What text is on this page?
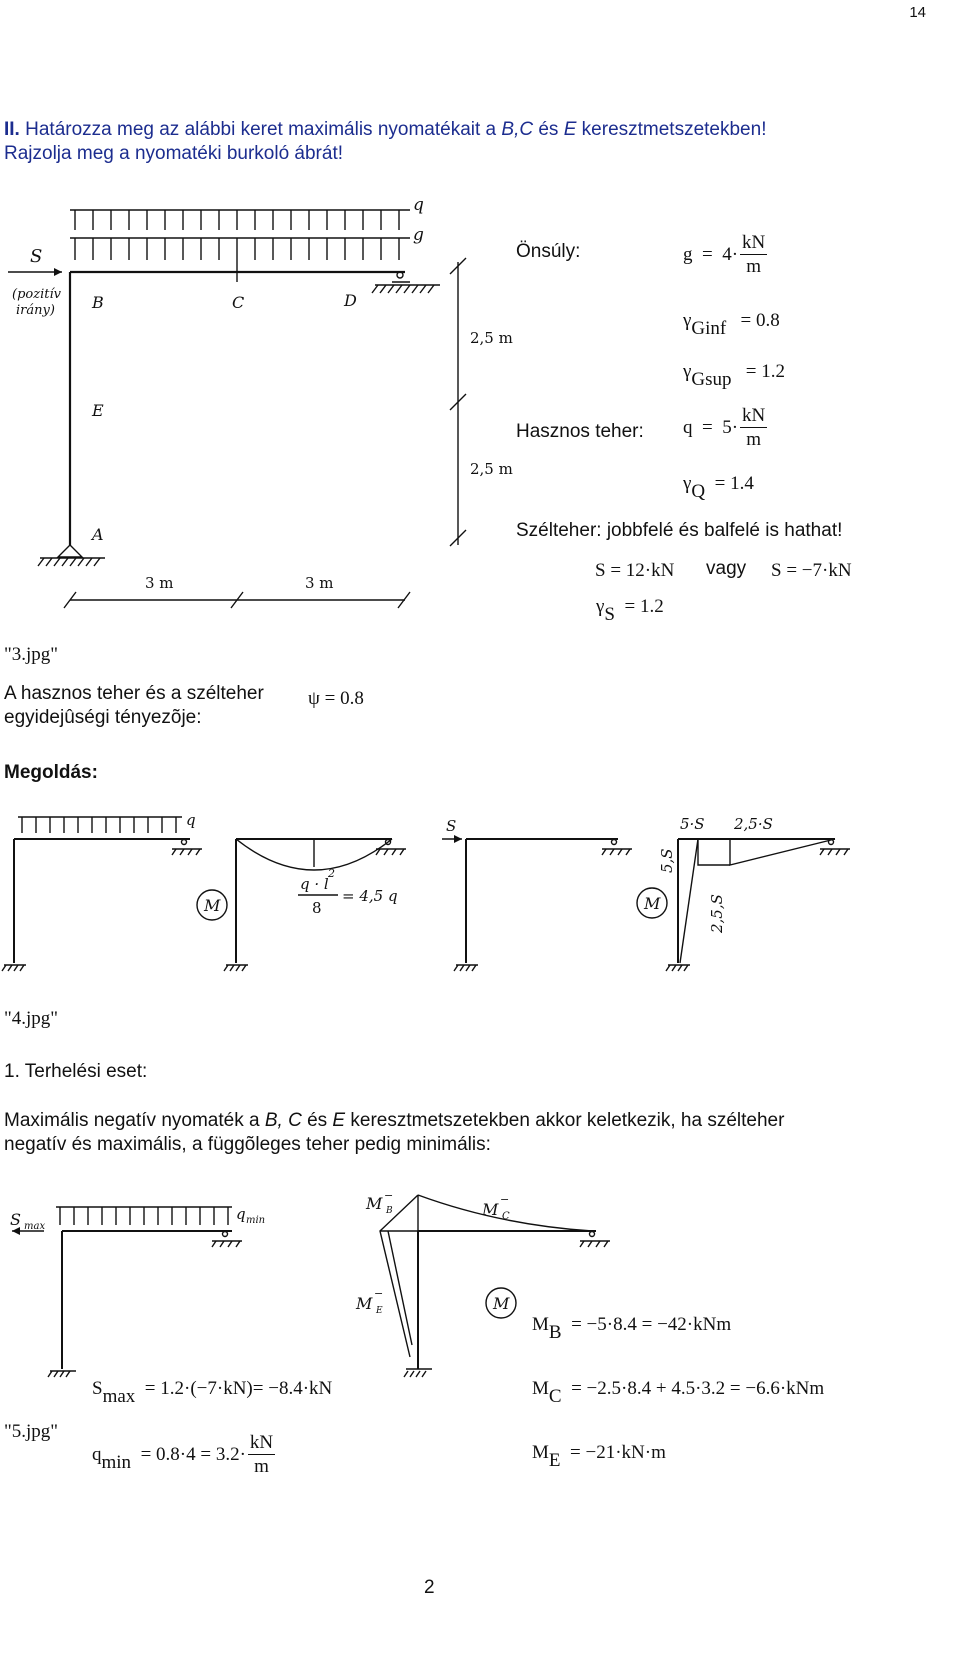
14
II. Határozza meg az alábbi keret maximális nyomatékait a B,C és E keresztmetszetekben!
Rajzolja meg a nyomatéki burkoló ábrát!
q
g
S
(pozitív
irány) B	C	D
E
A
2,5 m
2,5 m
3 m	3 m
Önsúly:	$g = 4\cdot \frac{kN}{m}$
γGinf = 0.8
γGsup = 1.2
Hasznos teher: $q = 5\cdot \frac{kN}{m}$
γQ = 1.4
Szélteher: jobbfelé és balfelé is hathat!
S = 12·kN vagy S = −7·kN
γS = 1.2
"3.jpg"
A hasznos teher és a szélteher
egyidejûségi tényezõje:
ψ = 0.8
Megoldás:
q
M
q · l
2
8
= 4,5 q
S
M
5·S 2,5·S
5,S
2,5,S
"4.jpg"
1. Terhelési eset:
Maximális negatív nyomaték a B, C és E keresztmetszetekben akkor keletkezik, ha szélteher
negatív és maximális, a függõleges teher pedig minimális:
S max
q min
M −
B	M
−
C
M
−
E	M
MB = −5·8.4 = −42·kNm
Smax = 1.2·(−7·kN)= −8.4·kN	MC = −2.5·8.4 + 4.5·3.2 = −6.6·kNm
"5.jpg"
$qmin = 0.8\cdot 4 = 3.2\cdot \frac{kN}{m}$	ME = −21·kN·m
2
